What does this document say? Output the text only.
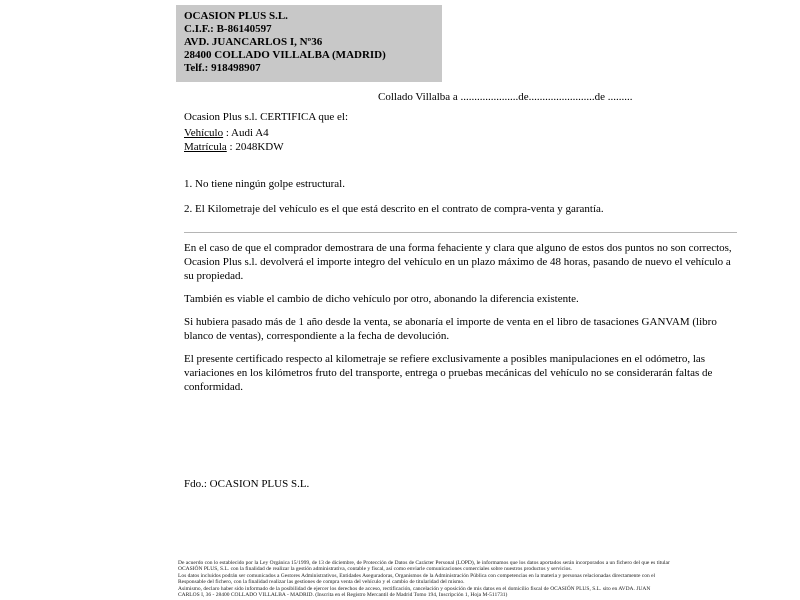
OCASION PLUS S.L.
C.I.F.: B-86140597
AVD. JUANCARLOS I, Nº36
28400 COLLADO VILLALBA (MADRID)
Telf.: 918498907
Collado Villalba a .....................de........................de .........
Ocasion Plus s.l. CERTIFICA que el:
Vehículo : Audi A4
Matrícula : 2048KDW
1. No tiene ningún golpe estructural.
2. El Kilometraje del vehículo es el que está descrito en el contrato de compra-venta y garantía.
En el caso de que el comprador demostrara de una forma fehaciente y clara que alguno de estos dos puntos no son correctos, Ocasion Plus s.l. devolverá el importe integro del vehículo en un plazo máximo de 48 horas, pasando de nuevo el vehículo a su propiedad.
También es viable el cambio de dicho vehículo por otro, abonando la diferencia existente.
Si hubiera pasado más de 1 año desde la venta, se abonaría el importe de venta en el libro de tasaciones GANVAM (libro blanco de ventas), correspondiente a la fecha de devolución.
El presente certificado respecto al kilometraje se refiere exclusivamente a posibles manipulaciones en el odómetro, las variaciones en los kilómetros fruto del transporte, entrega o pruebas mecánicas del vehículo no se considerarán faltas de conformidad.
Fdo.: OCASION PLUS S.L.
De acuerdo con lo establecido por la Ley Orgánica 15/1999, de 13 de diciembre, de Protección de Datos de Carácter Personal (LOPD), le informamos que los datos aportados serán incorporados a un fichero del que es titular
OCASIÓN PLUS, S.L. con la finalidad de realizar la gestión administrativa, contable y fiscal, así como enviarle comunicaciones comerciales sobre nuestros productos y servicios.
Los datos incluidos podrán ser comunicados a Gestores Administrativos, Entidades Aseguradoras, Organismos de la Administración Pública con competencias en la materia y personas relacionadas directamente con el
Responsable del fichero, con la finalidad realizar las gestiones de compra venta del vehículo y el cambio de titularidad del mismo.
Asimismo, declaro haber sido informado de la posibilidad de ejercer los derechos de acceso, rectificación, cancelación y oposición de mis datos en el domicilio fiscal de OCASIÓN PLUS, S.L. sito en AVDA. JUAN
CARLOS I, 36 - 28400 COLLADO VILLALBA - MADRID. (Inscrita en el Registro Mercantil de Madrid Tomo 194, Inscripción 1, Hoja M-511731)
